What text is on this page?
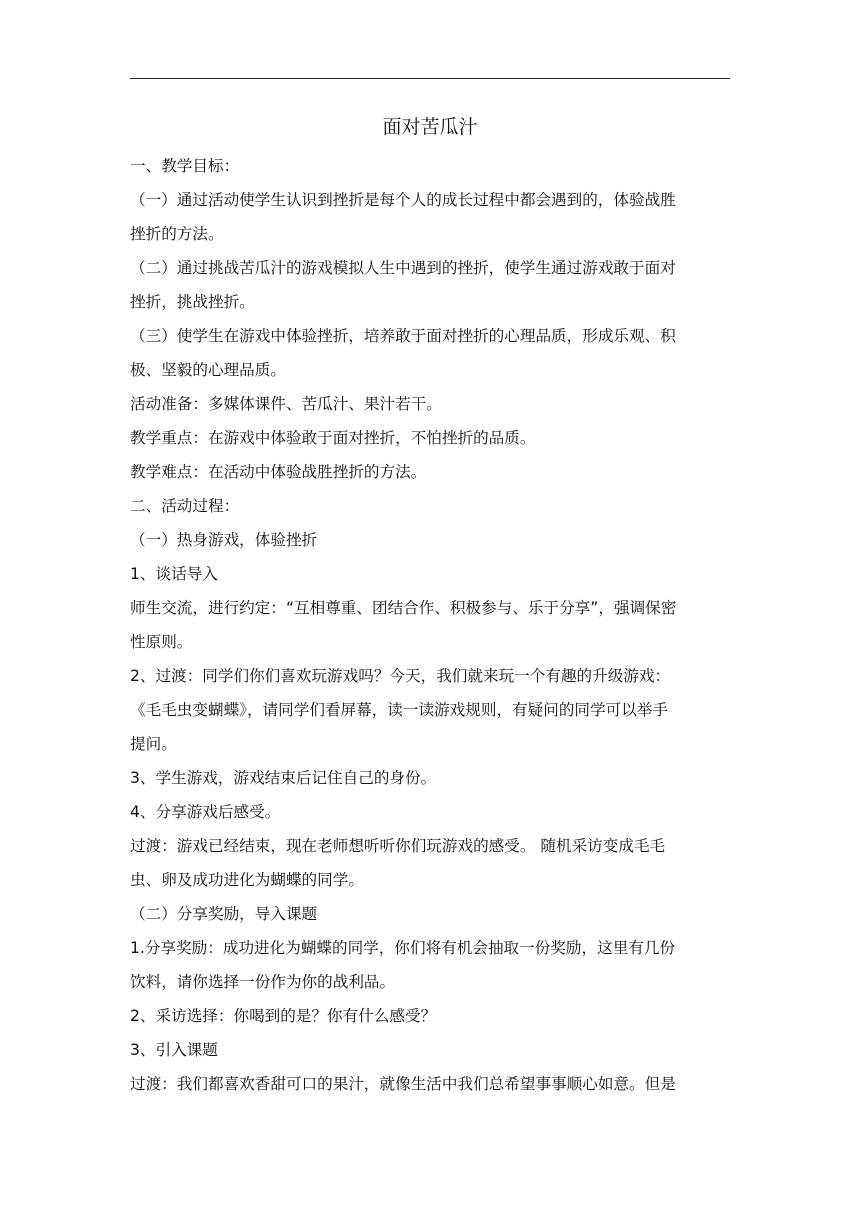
面对苦瓜汁

一、教学目标：

（一）通过活动使学生认识到挫折是每个人的成长过程中都会遇到的，体验战胜

挫折的方法。

（二）通过挑战苦瓜汁的游戏模拟人生中遇到的挫折，使学生通过游戏敢于面对

挫折，挑战挫折。

（三）使学生在游戏中体验挫折，培养敢于面对挫折的心理品质，形成乐观、积

极、坚毅的心理品质。

活动准备：多媒体课件、苦瓜汁、果汁若干。

教学重点：在游戏中体验敢于面对挫折，不怕挫折的品质。

教学难点：在活动中体验战胜挫折的方法。

二、活动过程：

（一）热身游戏，体验挫折

1、谈话导入

师生交流，进行约定：“互相尊重、团结合作、积极参与、乐于分享”，强调保密

性原则。

2、过渡：同学们你们喜欢玩游戏吗？今天，我们就来玩一个有趣的升级游戏：

《毛毛虫变蝴蝶》，请同学们看屏幕，读一读游戏规则，有疑问的同学可以举手

提问。

3、学生游戏，游戏结束后记住自己的身份。

4、分享游戏后感受。

过渡：游戏已经结束，现在老师想听听你们玩游戏的感受。 随机采访变成毛毛

虫、卵及成功进化为蝴蝶的同学。

（二）分享奖励，导入课题

1.分享奖励：成功进化为蝴蝶的同学，你们将有机会抽取一份奖励，这里有几份

饮料，请你选择一份作为你的战利品。

2、采访选择：你喝到的是？你有什么感受？

3、引入课题

过渡：我们都喜欢香甜可口的果汁，就像生活中我们总希望事事顺心如意。但是
